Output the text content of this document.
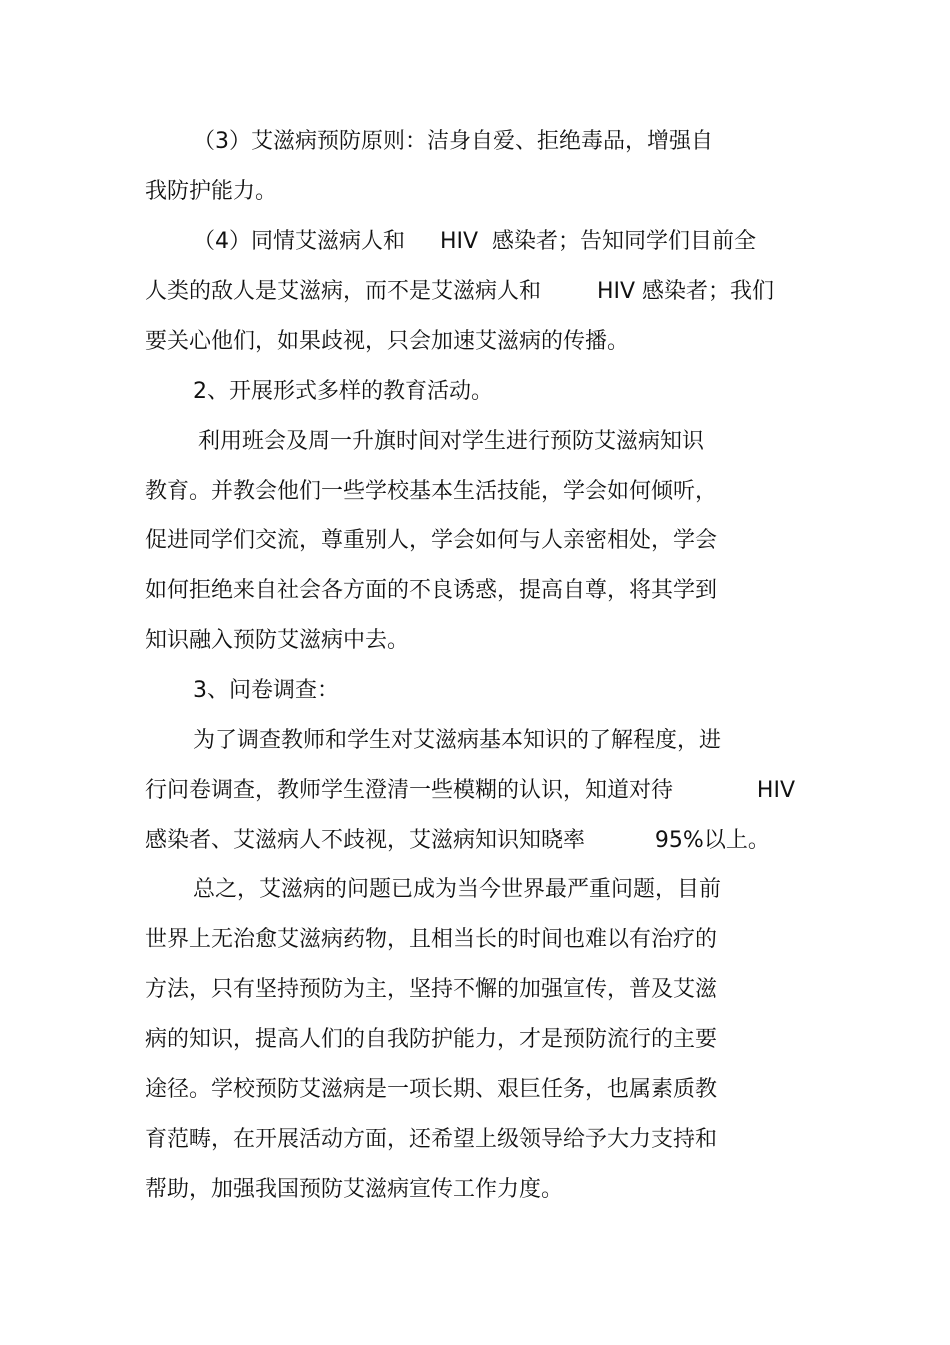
（3）艾滋病预防原则：洁身自爱、拒绝毒品，增强自
我防护能力。
（4）同情艾滋病人和     HIV  感染者；告知同学们目前全
人类的敌人是艾滋病，而不是艾滋病人和        HIV 感染者；我们
要关心他们，如果歧视，只会加速艾滋病的传播。
2、开展形式多样的教育活动。
利用班会及周一升旗时间对学生进行预防艾滋病知识
教育。并教会他们一些学校基本生活技能，学会如何倾听，
促进同学们交流，尊重别人，学会如何与人亲密相处，学会
如何拒绝来自社会各方面的不良诱惑，提高自尊，将其学到
知识融入预防艾滋病中去。
3、问卷调查：
为了调查教师和学生对艾滋病基本知识的了解程度，进
行问卷调查，教师学生澄清一些模糊的认识，知道对待            HIV
感染者、艾滋病人不歧视，艾滋病知识知晓率          95%以上。
总之，艾滋病的问题已成为当今世界最严重问题，目前
世界上无治愈艾滋病药物，且相当长的时间也难以有治疗的
方法，只有坚持预防为主，坚持不懈的加强宣传，普及艾滋
病的知识，提高人们的自我防护能力，才是预防流行的主要
途径。学校预防艾滋病是一项长期、艰巨任务，也属素质教
育范畴，在开展活动方面，还希望上级领导给予大力支持和
帮助，加强我国预防艾滋病宣传工作力度。
